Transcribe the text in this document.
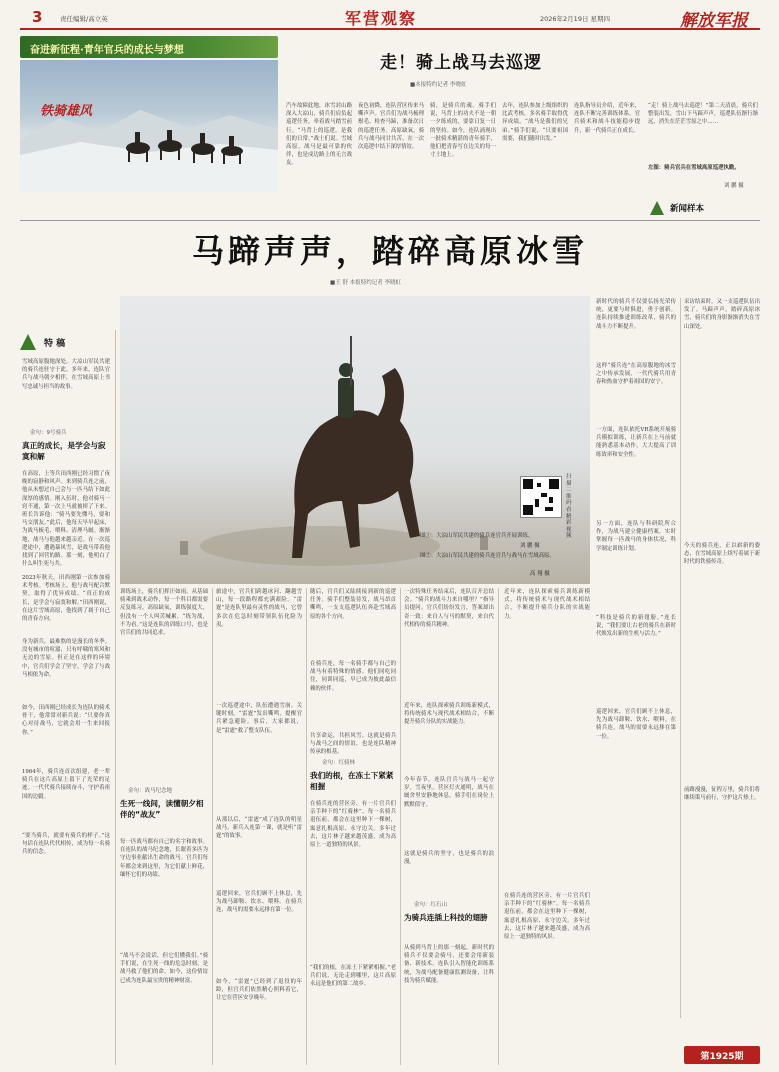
3	责任编辑/高立英	军营观察	2026年2月19日 星期四	解放军报
奋进新征程·青年官兵的成长与梦想
铁骑雄风
走！骑上战马去巡逻
■本报特约记者 李晓虹
汽车故障此地，冰雪封山路深入大凉山，骑兵们肩负起巡逻任务，牵着战马踏雪前行。“马背上的巡逻，是我们的日常。”战士们说。雪域高原，战马是最可靠的伙伴，也是戍边路上的无言战友。
夜色初降，连队营区传来马嘶声声。官兵们为战马梳理鬃毛、检查马蹄，准备次日的巡逻任务。高原缺氧，骑兵与战马同甘共苦，在一次次巡逻中结下深厚情谊。
骑，是骑兵的魂。骑手们说，马背上的功夫不是一朝一夕练成的，要靠日复一日的坚持。如今，连队涌现出一批骑术精湛的青年骑手，他们把青春写在边关的每一寸土地上。
去年，连队参加上级组织的比武考核，多名骑手取得优异成绩。“战马是我们的兄弟。”骑手们说，“只要祖国需要，我们随时出发。”
连队指导员介绍，近年来，连队不断完善训练体系，官兵骑术和战斗技能稳步提升，新一代骑兵正在成长。
“走！骑上战马去巡逻！”第二天清晨，骑兵们整装出发，雪山下马蹄声声，巡逻队伍渐行渐远，消失在茫茫雪原之中……
左图：骑兵官兵在雪域高原巡逻执勤。
刘 鹏 摄
新闻样本
马蹄声声，踏碎高原冰雪
■王 舒 本报特约记者 李晓虹
特 稿
雪域高原腹地深处，大凉山军民共建的骑兵连驻守于此。多年来，连队官兵与战马朝夕相伴，在雪域高原上书写忠诚与担当的故事。
金句：9号骑兵
真正的成长，是学会与寂寞和解
在高原，上等兵田西刚已经习惯了夜晚的寂静和风声。来到骑兵连之前，他从未想过自己会与一匹马结下如此深厚的感情。刚入伍时，他对骑马一窍不通，第一次上马就被摔了下来。班长告诉他：“骑马要先懂马，要和马交朋友。”此后，他每天早早起床，为战马梳毛、喂料、清理马厩。渐渐地，战马与他越来越亲近。在一次巡逻途中，遭遇暴风雪，是战马带着他找到了回营的路。那一刻，他明白了什么叫生死与共。
2023年秋天，田西刚第一次参加骑术考核。考核场上，他与战马配合默契，取得了优异成绩。“真正的成长，是学会与寂寞和解。”田西刚说，在这片雪域高原，他找到了属于自己的青春方向。
身为新兵，最难熬的是漫长的冬季。没有城市的喧嚣，只有呼啸的寒风和无边的雪原。但正是在这样的环境中，官兵们学会了坚守，学会了与战马相依为命。
如今，田西刚已经成长为连队的骑术骨干，他常常对新兵说：“只要你真心对待战马，它就会用一生来回报你。”
1964年，骑兵连首次组建，老一辈骑兵在这片高原上留下了光荣的足迹。一代代骑兵接续奋斗，守护着祖国的边疆。
“要当骑兵，就要有骑兵的样子。”这句话在连队代代相传，成为每一名骑兵的信念。
图①：大凉山军民共建的骑兵连官兵开展训练。
刘 鹏 摄
图②：大凉山军民共建的骑兵连官兵与战马在雪域高原。
高 翔 摄
扫描二维码看精彩视频
训练场上，骑兵们挥汗如雨。从基础骑乘到战术动作，每一个科目都需要反复练习。高原缺氧，训练强度大，但没有一个人叫苦喊累。“练为战，不为看。”这是连队的训练口号，也是官兵们的共同追求。
金句：战马纪念地
生死一线间，读懂朝夕相伴的“战友”
每一匹战马都有自己的名字和故事。在连队的战马纪念地，长眠着多匹为守边事业献出生命的战马。官兵们每年都会来到这里，为它们献上鲜花，缅怀它们的功绩。
“战马不会说话，但它们懂我们。”骑手们说，在生死一线的危急时刻，是战马救了他们的命。如今，这份情谊已成为连队最宝贵的精神财富。
旅途中，官兵们跨越冰河、翻越雪山，每一段路程都充满艰险。“雷霆”是连队里最有灵性的战马，它曾多次在危急时刻带领队伍化险为夷。
一次巡逻途中，队伍遭遇雪崩。关键时刻，“雷霆”发出嘶鸣，提醒官兵紧急避险。事后，大家都说，是“雷霆”救了整支队伍。
从那以后，“雷霆”成了连队的明星战马。新兵入连第一课，就是听“雷霆”的故事。
巡逻回来，官兵们顾不上休息，先为战马卸鞍、饮水、喂料。在骑兵连，战马的需要永远排在第一位。
如今，“雷霆”已经到了退役的年龄，但官兵们依然精心照料着它，让它在营区安享晚年。
随后，官兵们又陆续接到新的巡逻任务。骑手们整装待发，战马昂首嘶鸣，一支支巡逻队伍奔赴雪域高原的各个方向。
在骑兵连，每一名骑手都与自己的战马有着特殊的情感。他们同吃同住，同训同巡，早已成为彼此最信赖的伙伴。
共享命运，共担风雪。这就是骑兵与战马之间的情谊，也是连队精神传承的根基。
金句：红骑林
我们的根，在冻土下紧紧相握
在骑兵连的营区旁，有一片官兵们亲手种下的“红骑林”。每一名骑兵退伍前，都会在这里种下一棵树，寓意扎根高原、永守边关。多年过去，这片林子越来越茂盛，成为高原上一道独特的风景。
“我们的根，在冻土下紧紧相握。”老兵们说，无论走到哪里，这片高原永远是他们的第二故乡。
一次特殊任务结束后，连队召开总结会。“骑兵的战斗力来自哪里？”指导员提问。官兵们纷纷发言，答案却出奇一致：来自人与马的默契，来自代代相传的骑兵精神。
近年来，连队探索骑兵训练新模式，将传统骑术与现代战术相结合，不断提升骑兵分队的实战能力。
今年春节，连队官兵与战马一起守岁。雪夜里，营区灯火通明，战马在厩舍里安静地休息，骑手们在岗位上默默值守。
这就是骑兵的坚守，也是骑兵的浪漫。
金句：红石山
为骑兵连插上科技的翅膀
从骑到马背上的那一刻起，新时代的骑兵不仅要会骑马，还要会用新装备、新技术。连队引入智能化训练系统，为战马配备健康监测设备，让科技为骑兵赋能。
新时代的骑兵不仅要弘扬光荣传统，更要与时俱进，勇于创新。连队持续推进训练改革，骑兵的战斗力不断提升。
这样“骑兵连”在高原腹地的冰雪之中传承发展，一代代骑兵用青春和热血守护着祖国的安宁。
一方面，连队依托VR系统开展骑兵模拟训练，让新兵在上马前就能熟悉基本动作，大大提高了训练效率和安全性。
另一方面，连队与科研院所合作，为战马建立健康档案，实时掌握每一匹战马的身体状况，科学制定训练计划。
“科技是骑兵的新翅膀。”连长说，“我们要让古老的骑兵在新时代焕发出新的生机与活力。”
采访结束时，又一支巡逻队伍出发了。马蹄声声，踏碎高原冰雪，骑兵们的身影渐渐消失在雪山深处。
今天的骑兵连，正以崭新的姿态，在雪域高原上续写着属于新时代的铁骑传奇。
前路漫漫，征程万里，骑兵们将继续策马前行，守护这片热土。
近年来，连队探索骑兵训练新模式，将传统骑术与现代战术相结合，不断提升骑兵分队的实战能力。
巡逻回来，官兵们顾不上休息，先为战马卸鞍、饮水、喂料。在骑兵连，战马的需要永远排在第一位。
在骑兵连的营区旁，有一片官兵们亲手种下的“红骑林”。每一名骑兵退伍前，都会在这里种下一棵树，寓意扎根高原、永守边关。多年过去，这片林子越来越茂盛，成为高原上一道独特的风景。
第1925期
